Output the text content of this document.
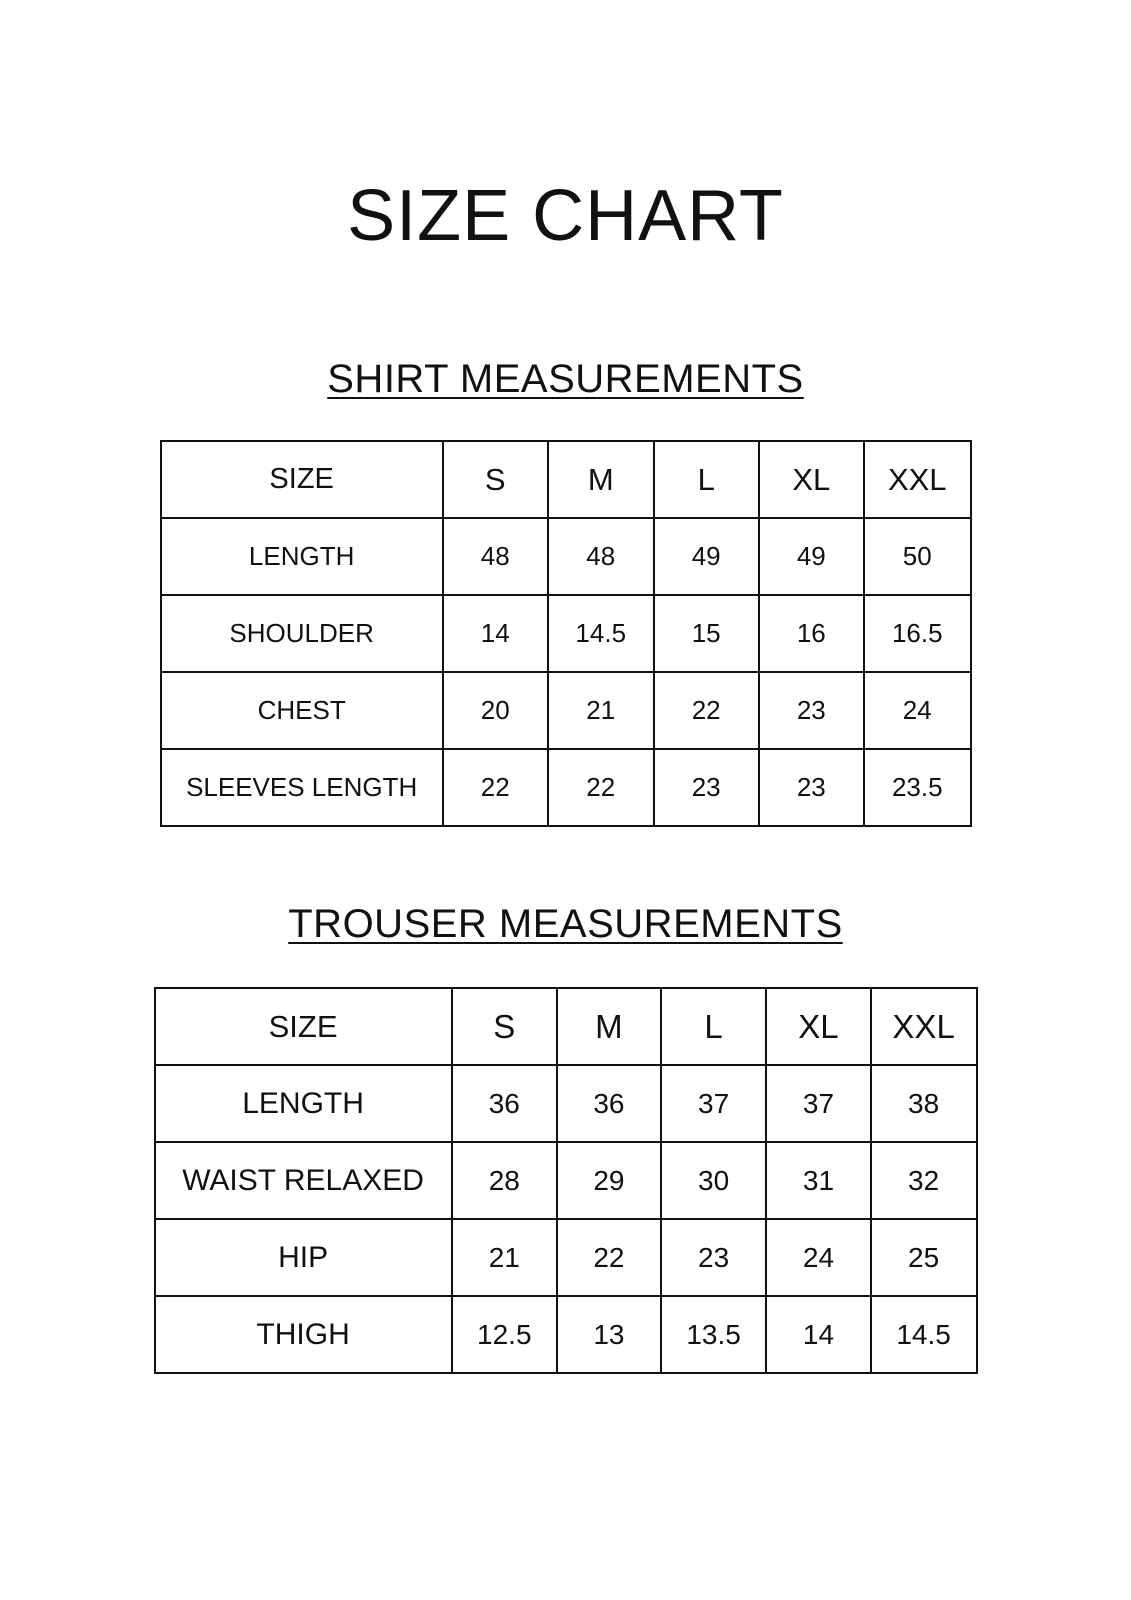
SIZE CHART
SHIRT MEASUREMENTS
SIZE	S	M	L	XL	XXL
LENGTH	48	48	49	49	50
SHOULDER	14	14.5	15	16	16.5
CHEST	20	21	22	23	24
SLEEVES LENGTH	22	22	23	23	23.5
TROUSER MEASUREMENTS
SIZE	S	M	L	XL	XXL
LENGTH	36	36	37	37	38
WAIST RELAXED	28	29	30	31	32
HIP	21	22	23	24	25
THIGH	12.5	13	13.5	14	14.5
